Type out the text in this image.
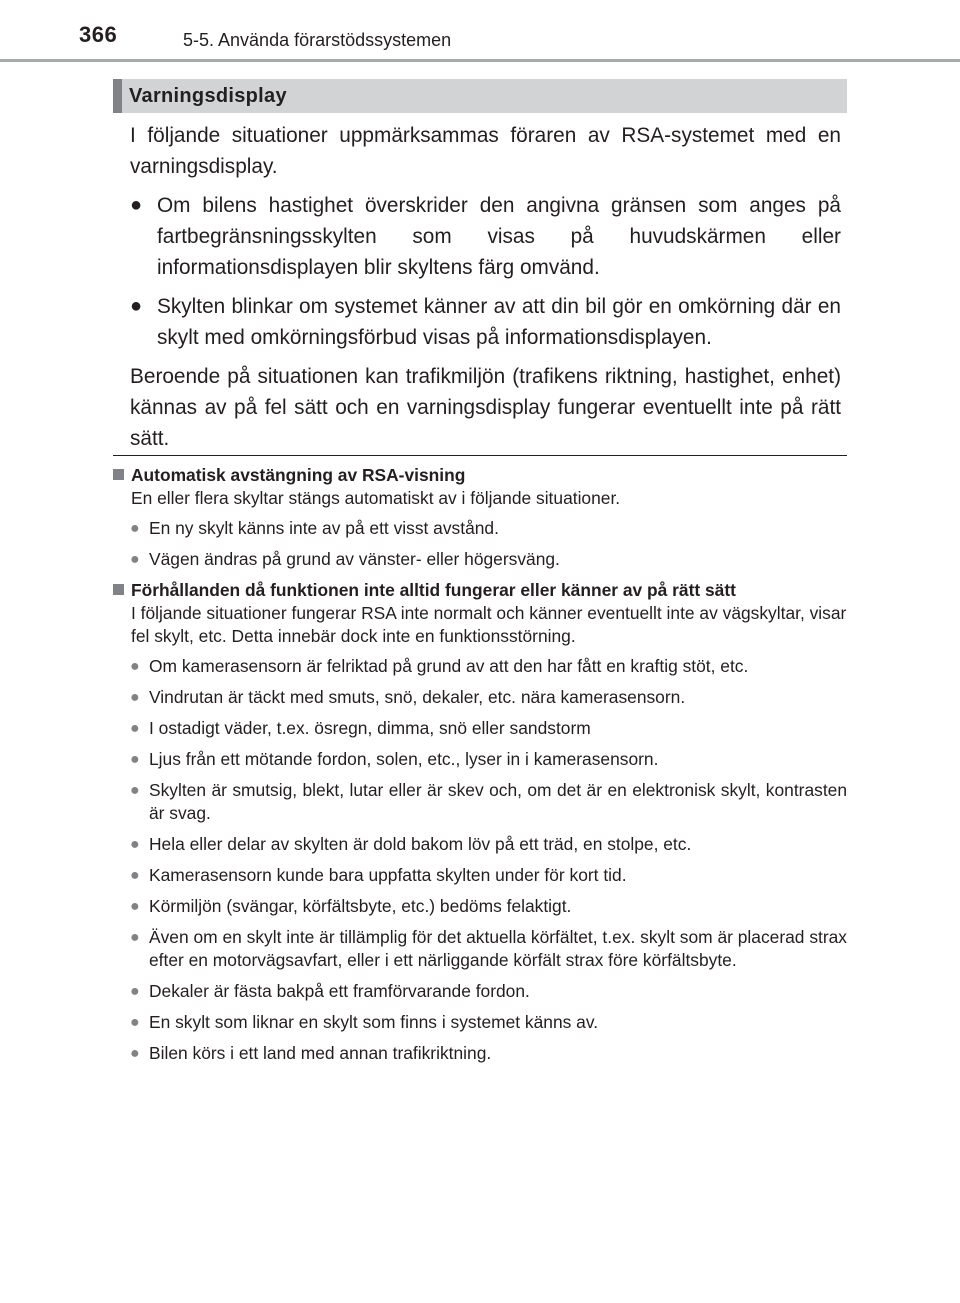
366	5-5. Använda förarstödssystemen
Varningsdisplay

I följande situationer uppmärksammas föraren av RSA-systemet med en varningsdisplay.

● Om bilens hastighet överskrider den angivna gränsen som anges på fartbegränsningsskylten som visas på huvudskärmen eller informationsdisplayen blir skyltens färg omvänd.
● Skylten blinkar om systemet känner av att din bil gör en omkörning där en skylt med omkörningsförbud visas på informationsdisplayen.

Beroende på situationen kan trafikmiljön (trafikens riktning, hastighet, enhet) kännas av på fel sätt och en varningsdisplay fungerar eventuellt inte på rätt sätt.

Automatisk avstängning av RSA-visning
En eller flera skyltar stängs automatiskt av i följande situationer.
● En ny skylt känns inte av på ett visst avstånd.
● Vägen ändras på grund av vänster- eller högersväng.
Förhållanden då funktionen inte alltid fungerar eller känner av på rätt sätt
I följande situationer fungerar RSA inte normalt och känner eventuellt inte av vägskyltar, visar fel skylt, etc. Detta innebär dock inte en funktionsstörning.
● Om kamerasensorn är felriktad på grund av att den har fått en kraftig stöt, etc.
● Vindrutan är täckt med smuts, snö, dekaler, etc. nära kamerasensorn.
● I ostadigt väder, t.ex. ösregn, dimma, snö eller sandstorm
● Ljus från ett mötande fordon, solen, etc., lyser in i kamerasensorn.
● Skylten är smutsig, blekt, lutar eller är skev och, om det är en elektronisk skylt, kontrasten är svag.
● Hela eller delar av skylten är dold bakom löv på ett träd, en stolpe, etc.
● Kamerasensorn kunde bara uppfatta skylten under för kort tid.
● Körmiljön (svängar, körfältsbyte, etc.) bedöms felaktigt.
● Även om en skylt inte är tillämplig för det aktuella körfältet, t.ex. skylt som är placerad strax efter en motorvägsavfart, eller i ett närliggande körfält strax före körfältsbyte.
● Dekaler är fästa bakpå ett framförvarande fordon.
● En skylt som liknar en skylt som finns i systemet känns av.
● Bilen körs i ett land med annan trafikriktning.
